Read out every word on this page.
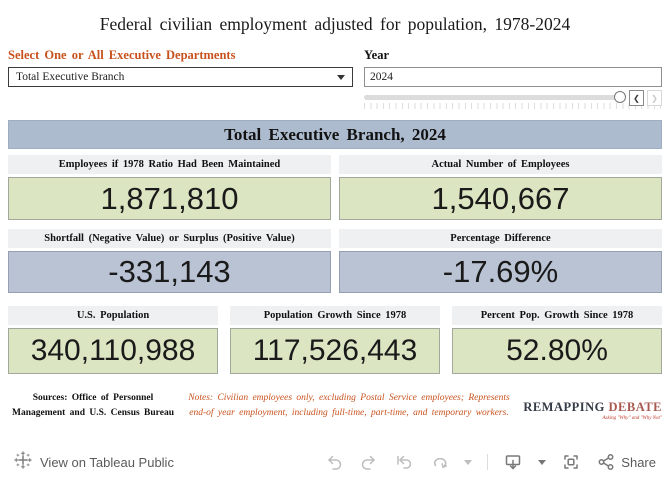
Federal civilian employment adjusted for population, 1978-2024
Select One or All Executive Departments
Total Executive Branch
Year
2024
❮	❯
Total Executive Branch, 2024
Employees if 1978 Ratio Had Been Maintained
1,871,810
Actual Number of Employees
1,540,667
Shortfall (Negative Value) or Surplus (Positive Value)
-331,143
Percentage Difference
-17.69%
U.S. Population
340,110,988
Population Growth Since 1978
117,526,443
Percent Pop. Growth Since 1978
52.80%
Sources: Office of Personnel Management and U.S. Census Bureau
Notes: Civilian employees only, excluding Postal Service employees; Represents end-of year employment, including full-time, part-time, and temporary workers.	REMAPPING DEBATE
Asking "Why" and "Why Not"
View on Tableau Public	Share
